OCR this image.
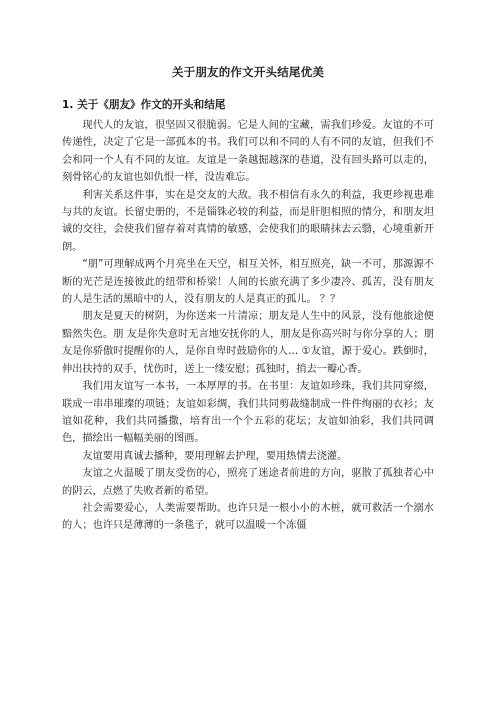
关于朋友的作文开头结尾优美
1. 关于《朋友》作文的开头和结尾

现代人的友谊，很坚固又很脆弱。它是人间的宝藏，需我们珍爱。友谊的不可传递性，决定了它是一部孤本的书。我们可以和不同的人有不同的友谊，但我们不会和同一个人有不同的友谊。友谊是一条越掘越深的巷道，没有回头路可以走的，刻骨铭心的友谊也如仇恨一样，没齿难忘。

利害关系这件事，实在是交友的大敌。我不相信有永久的利益，我更珍视患难与共的友谊。长留史册的，不是锱铢必较的利益，而是肝胆相照的情分，和朋友坦诚的交往，会使我们留存着对真情的敏感，会使我们的眼睛抹去云翳，心境重新开朗。

“朋”可理解成两个月亮坐在天空，相互关怀，相互照亮，缺一不可，那源源不断的光芒是连接彼此的纽带和桥梁！人间的长旅充满了多少凄冷、孤苦，没有朋友的人是生活的黑暗中的人，没有朋友的人是真正的孤儿。 ？？

朋友是夏天的树阴，为你送来一片清凉；朋友是人生中的风景，没有他旅途便黯然失色。朋 友是你失意时无言地安抚你的人，朋友是你高兴时与你分享的人；朋友是你骄傲时提醒你的人，是你自卑时鼓励你的人… ①友谊，源于爱心。跌倒时，伸出扶持的双手，忧伤时，送上一缕安慰；孤独时，捎去一瓣心香。

我们用友谊写一本书，一本厚厚的书。在书里：友谊如珍珠，我们共同穿缀，联成一串串璀璨的项链；友谊如彩绸，我们共同剪裁缝制成一件件绚丽的衣衫；友谊如花种，我们共同播撒，培育出一个个五彩的花坛；友谊如油彩，我们共同调色，描绘出一幅幅美丽的图画。

友谊要用真诚去播种，要用理解去护理，要用热情去浇灌。

友谊之火温暖了朋友受伤的心，照亮了迷途者前进的方向，驱散了孤独者心中的阴云，点燃了失败者新的希望。

社会需要爱心，人类需要帮助。也许只是一根小小的木桩，就可救活一个溺水的人；也许只是薄薄的一条毯子，就可以温暖一个冻僵
